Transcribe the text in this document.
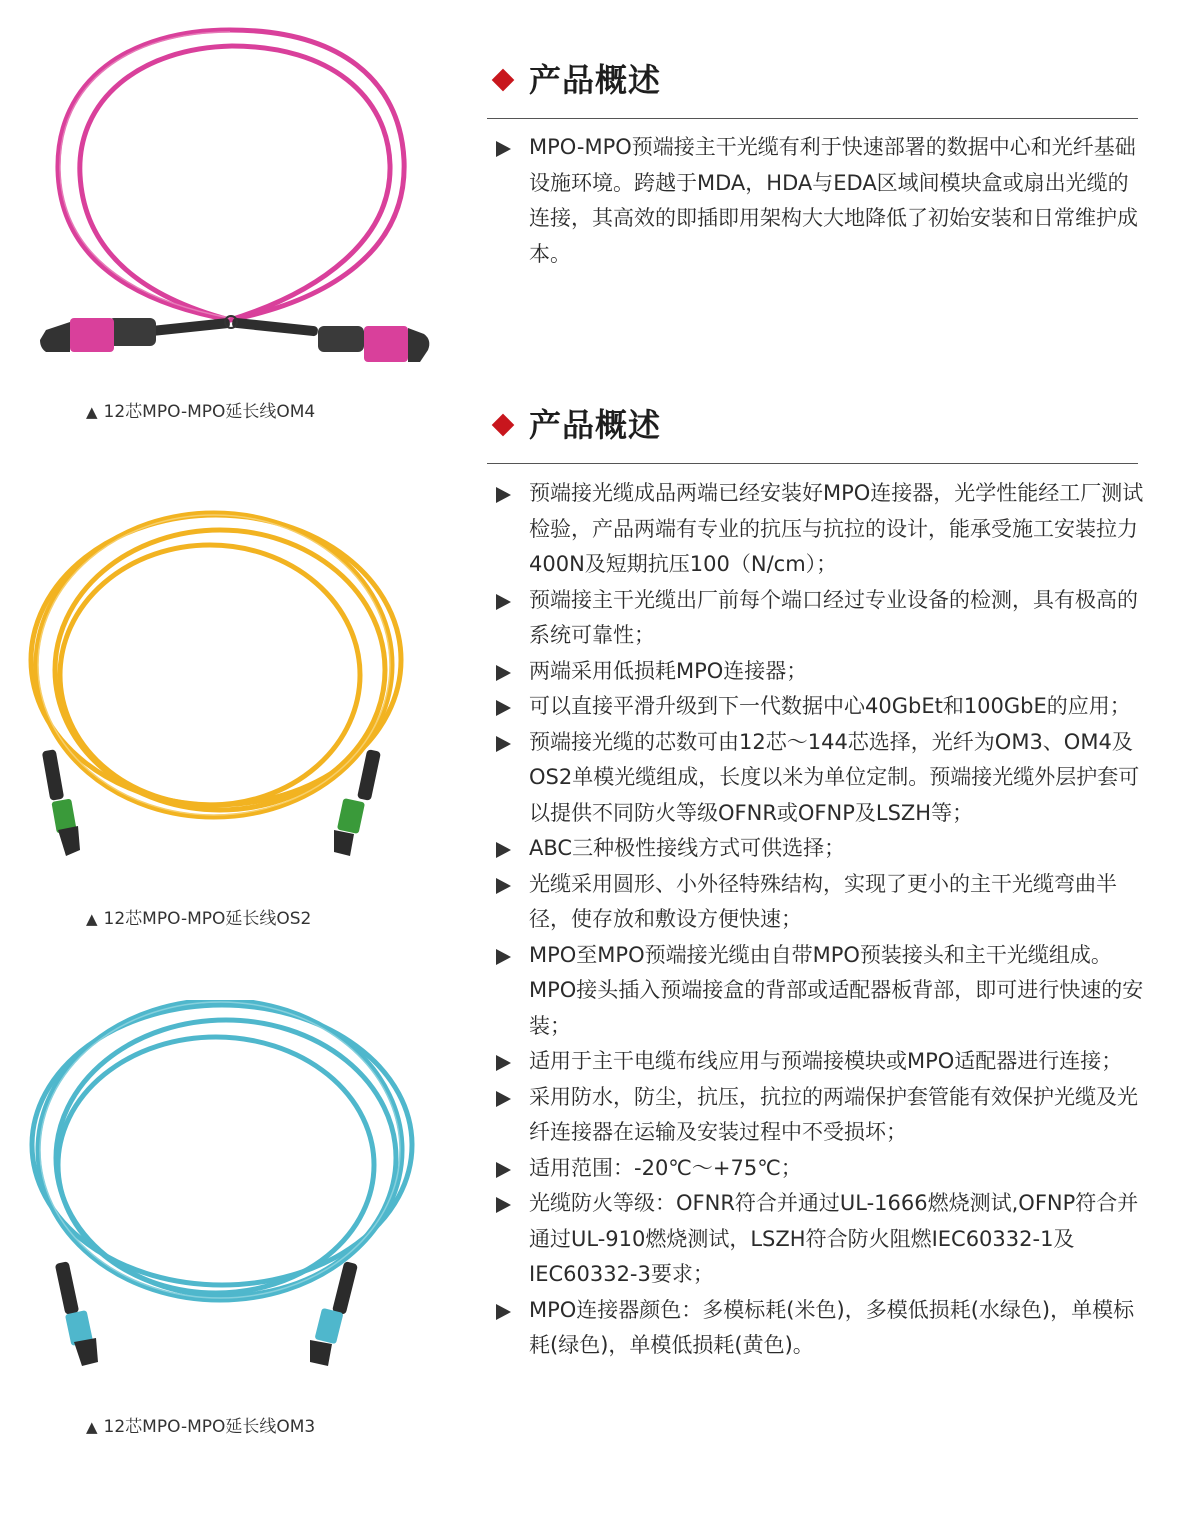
▲ 12芯MPO-MPO延长线OM4
▲ 12芯MPO-MPO延长线OS2
▲ 12芯MPO-MPO延长线OM3
产品概述
MPO-MPO预端接主干光缆有利于快速部署的数据中心和光纤基础设施环境。跨越于MDA，HDA与EDA区域间模块盒或扇出光缆的连接，其高效的即插即用架构大大地降低了初始安装和日常维护成本。
产品概述
预端接光缆成品两端已经安装好MPO连接器，光学性能经工厂测试检验，产品两端有专业的抗压与抗拉的设计，能承受施工安装拉力400N及短期抗压100（N/cm）；
预端接主干光缆出厂前每个端口经过专业设备的检测，具有极高的系统可靠性；
两端采用低损耗MPO连接器；
可以直接平滑升级到下一代数据中心40GbEt和100GbE的应用；
预端接光缆的芯数可由12芯～144芯选择，光纤为OM3、OM4及OS2单模光缆组成，长度以米为单位定制。预端接光缆外层护套可以提供不同防火等级OFNR或OFNP及LSZH等；
ABC三种极性接线方式可供选择；
光缆采用圆形、小外径特殊结构，实现了更小的主干光缆弯曲半径，使存放和敷设方便快速；
MPO至MPO预端接光缆由自带MPO预装接头和主干光缆组成。MPO接头插入预端接盒的背部或适配器板背部，即可进行快速的安装；
适用于主干电缆布线应用与预端接模块或MPO适配器进行连接；
采用防水，防尘，抗压，抗拉的两端保护套管能有效保护光缆及光纤连接器在运输及安装过程中不受损坏；
适用范围：-20℃～+75℃；
光缆防火等级：OFNR符合并通过UL-1666燃烧测试,OFNP符合并通过UL-910燃烧测试，LSZH符合防火阻燃IEC60332-1及IEC60332-3要求；
MPO连接器颜色：多模标耗(米色)，多模低损耗(水绿色)，单模标耗(绿色)，单模低损耗(黄色)。
